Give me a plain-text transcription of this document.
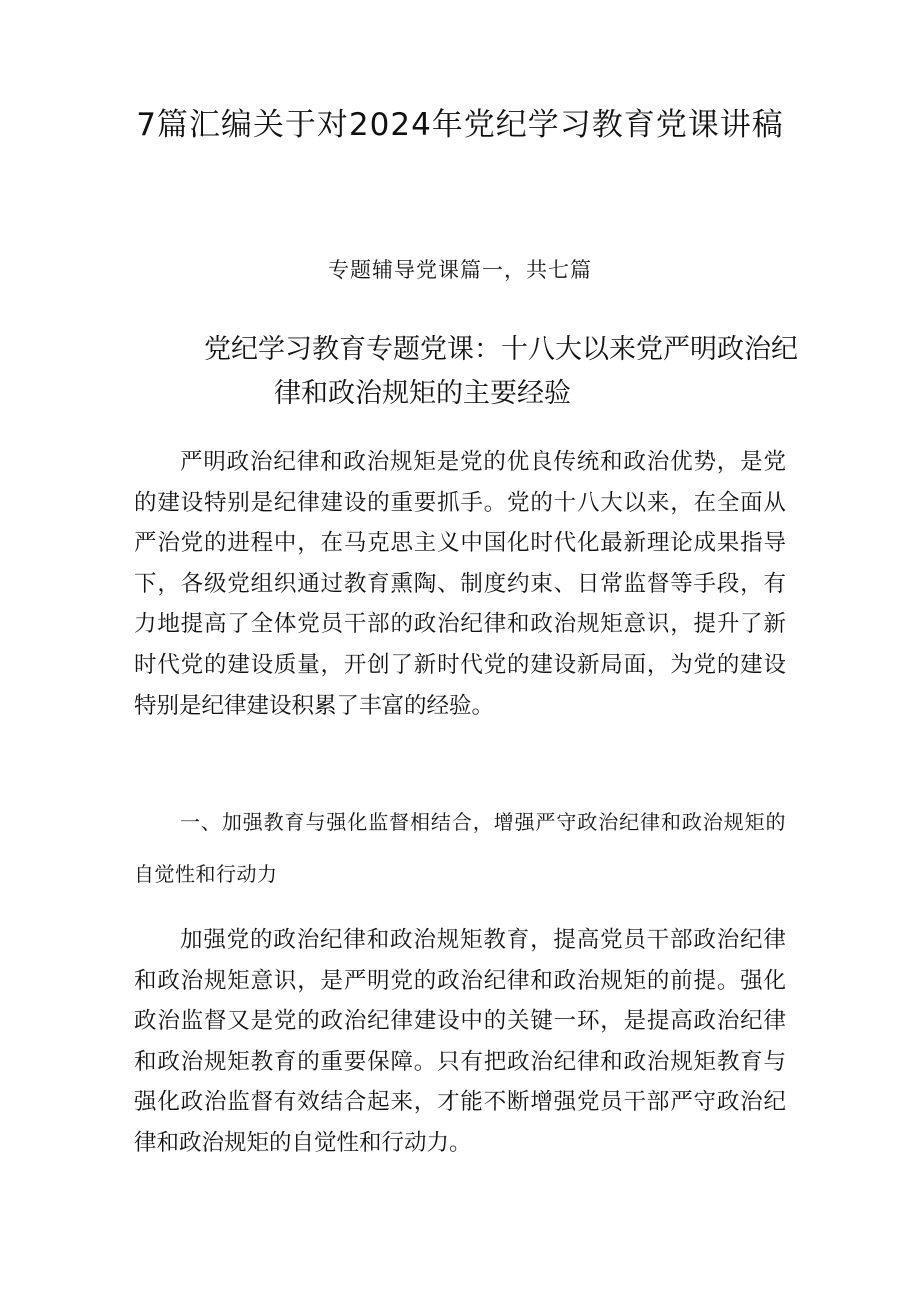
7篇汇编关于对2024年党纪学习教育党课讲稿

专题辅导党课篇一，共七篇

党纪学习教育专题党课：十八大以来党严明政治纪
律和政治规矩的主要经验

严明政治纪律和政治规矩是党的优良传统和政治优势，是党的建设特别是纪律建设的重要抓手。党的十八大以来，在全面从严治党的进程中，在马克思主义中国化时代化最新理论成果指导下，各级党组织通过教育熏陶、制度约束、日常监督等手段，有力地提高了全体党员干部的政治纪律和政治规矩意识，提升了新时代党的建设质量，开创了新时代党的建设新局面，为党的建设特别是纪律建设积累了丰富的经验。

一、加强教育与强化监督相结合，增强严守政治纪律和政治规矩的自觉性和行动力

加强党的政治纪律和政治规矩教育，提高党员干部政治纪律和政治规矩意识，是严明党的政治纪律和政治规矩的前提。强化政治监督又是党的政治纪律建设中的关键一环，是提高政治纪律和政治规矩教育的重要保障。只有把政治纪律和政治规矩教育与强化政治监督有效结合起来，才能不断增强党员干部严守政治纪律和政治规矩的自觉性和行动力。
